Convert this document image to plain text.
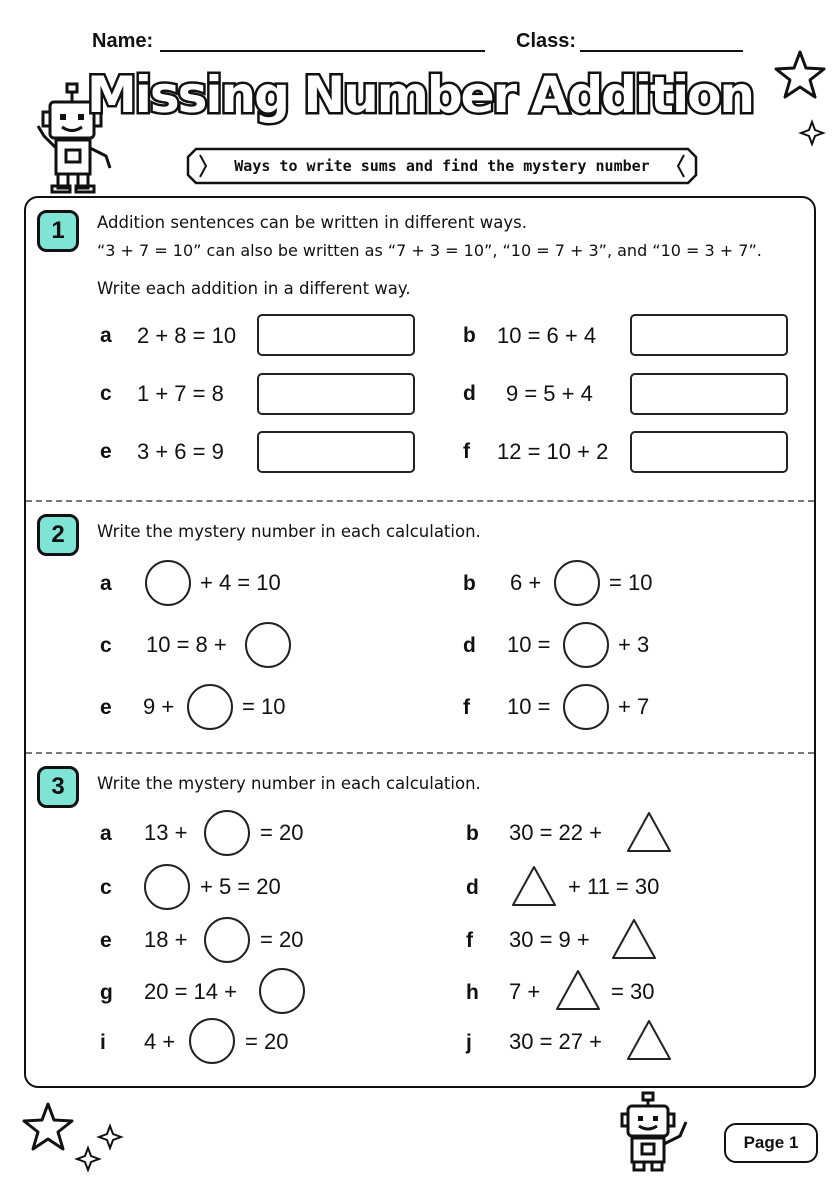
Name:	Class:
Missing Number Addition
Ways to write sums and find the mystery number
1	Addition sentences can be written in different ways.
“3 + 7 = 10” can also be written as “7 + 3 = 10”, “10 = 7 + 3”, and “10 = 3 + 7”.
Write each addition in a different way.
a 2 + 8 = 10	b 10 = 6 + 4
c 1 + 7 = 8	d 9 = 5 + 4
e 3 + 6 = 9	f 12 = 10 + 2
2	Write the mystery number in each calculation.
a	+ 4 = 10	b 6 +	= 10
c 10 = 8 +	d 10 =	+ 3
e 9 +	= 10	f 10 =	+ 7
3	Write the mystery number in each calculation.
a 13 +	= 20	b 30 = 22 +
c	+ 5 = 20	d	+ 11 = 30
e 18 +	= 20	f 30 = 9 +
g 20 = 14 +	h 7 +	= 30
i 4 +	= 20	j 30 = 27 +
Page 1
